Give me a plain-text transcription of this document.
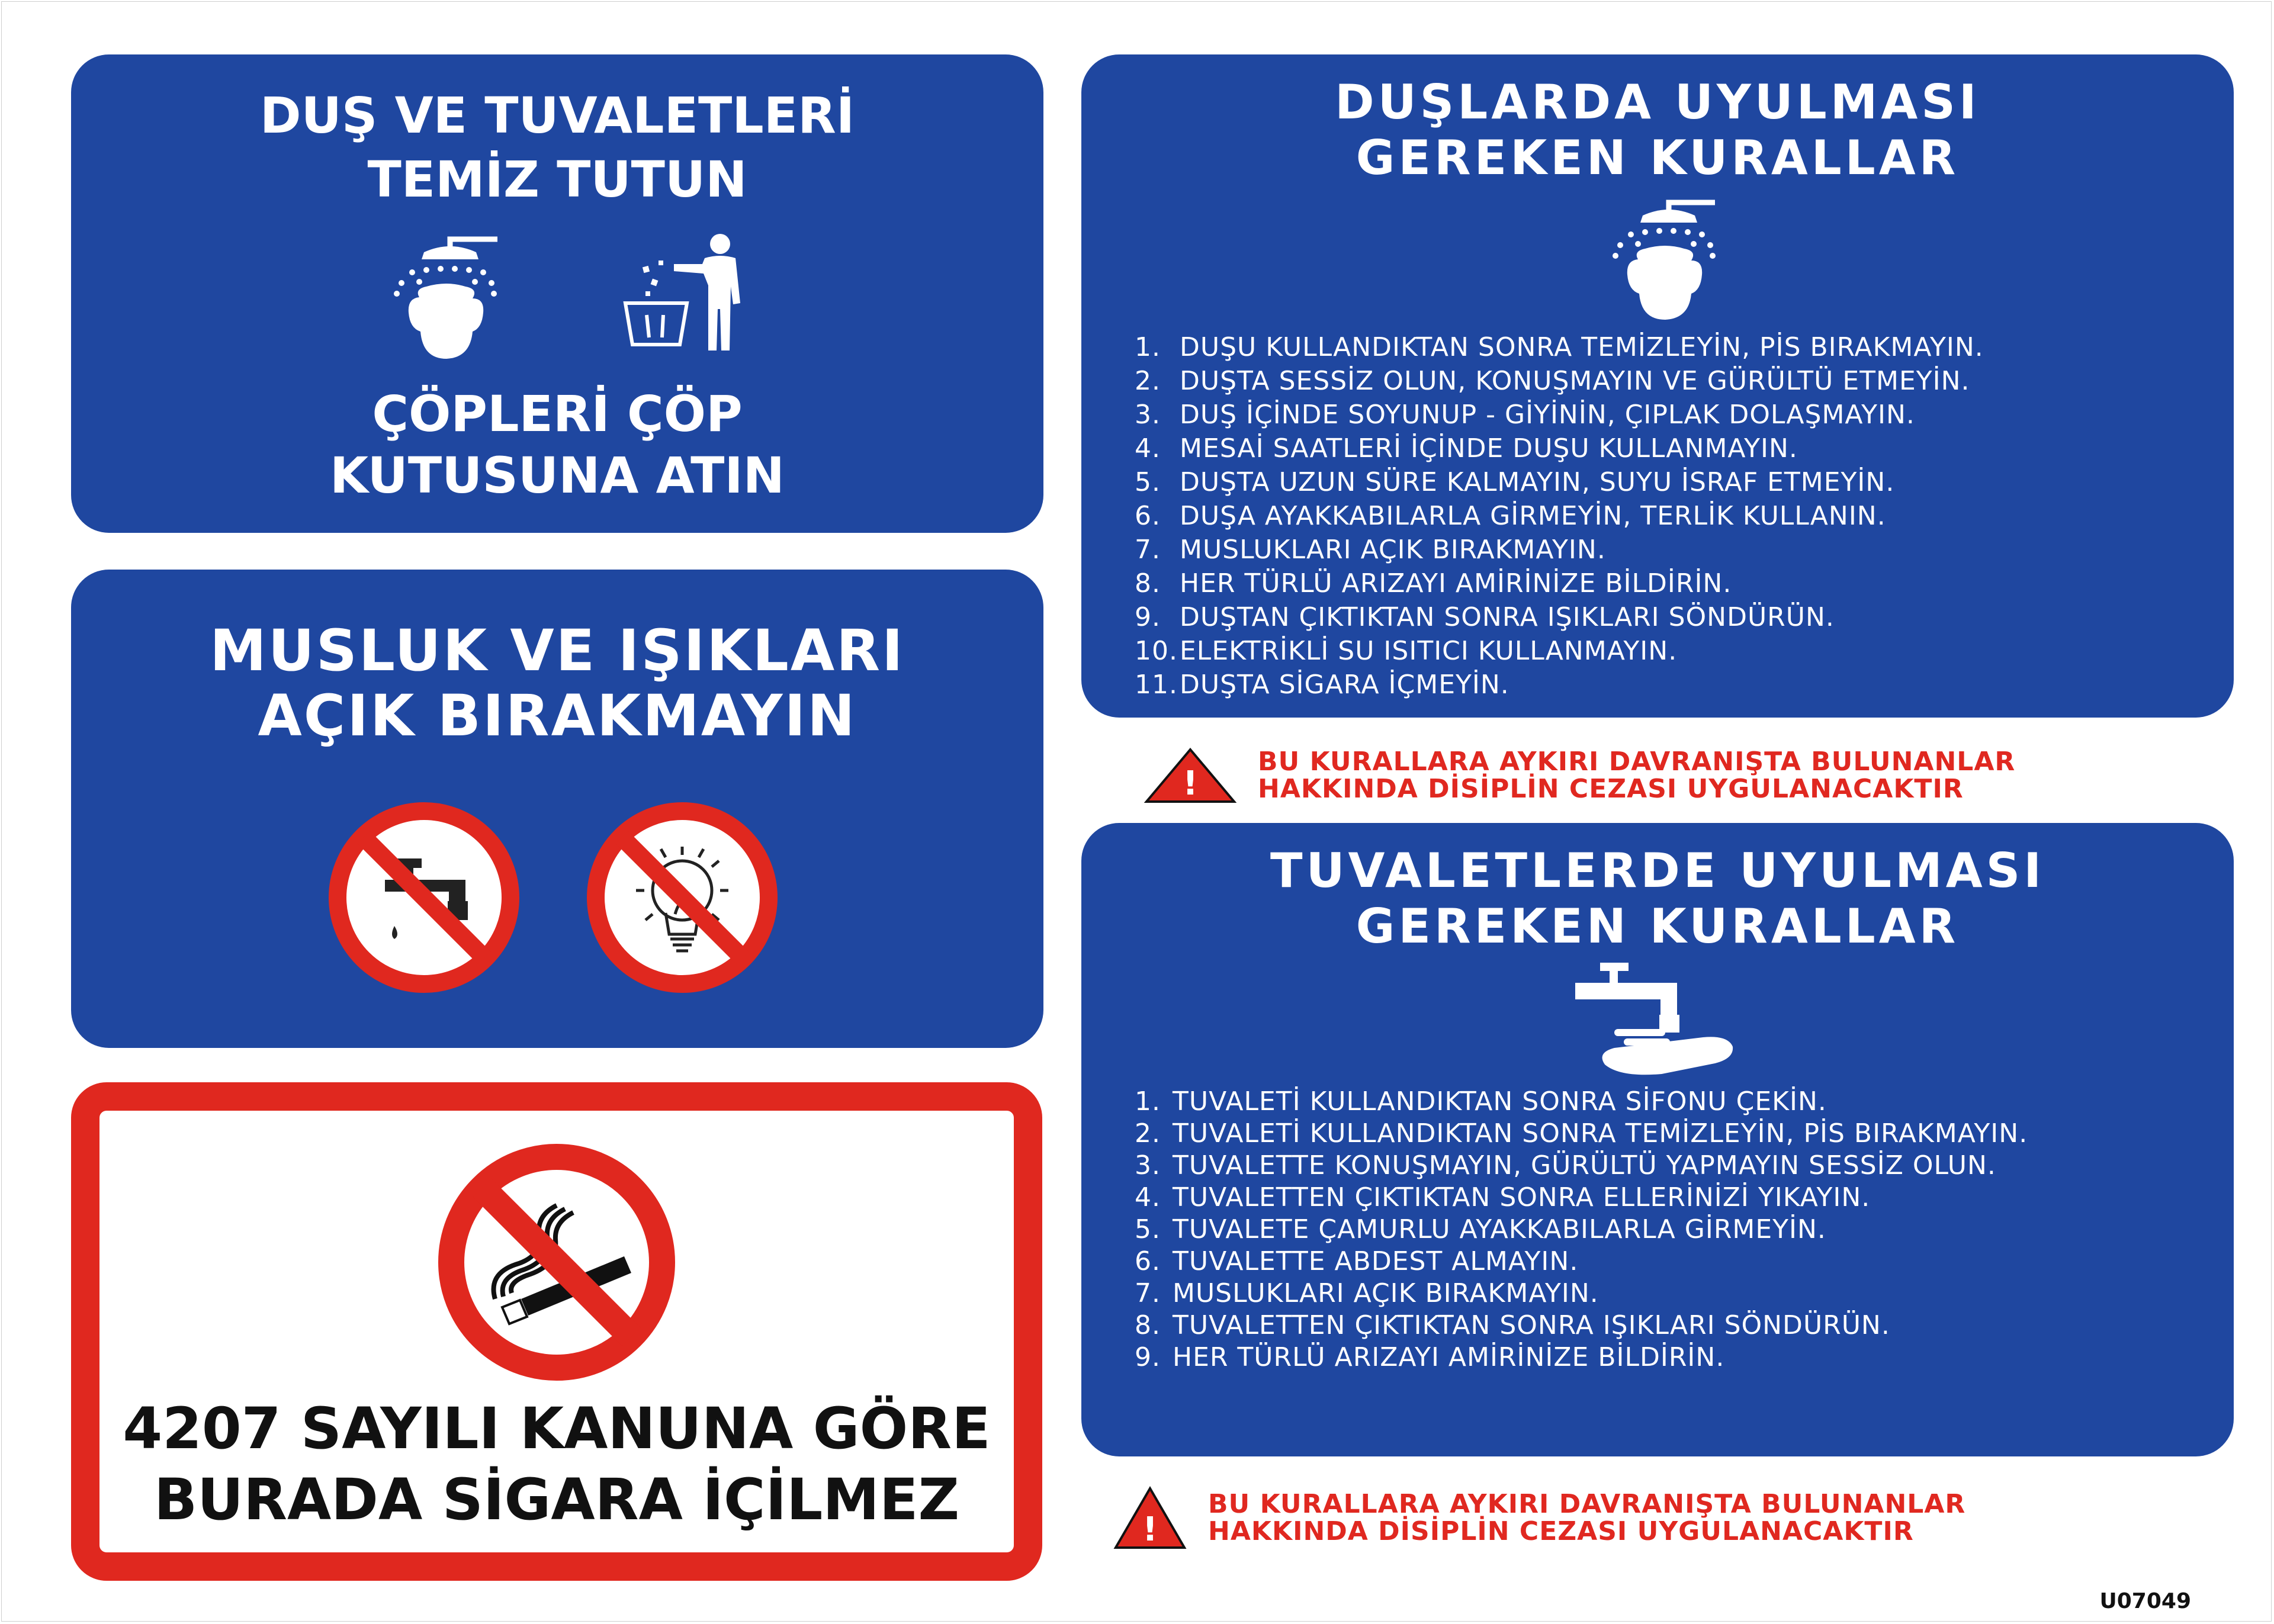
DUŞ VE TUVALETLERİ
TEMİZ TUTUN
ÇÖPLERİ ÇÖP
KUTUSUNA ATIN
MUSLUK VE IŞIKLARI
AÇIK BIRAKMAYIN
4207 SAYILI KANUNA GÖRE
BURADA SİGARA İÇİLMEZ
DUŞLARDA UYULMASI
GEREKEN KURALLAR
1. DUŞU KULLANDIKTAN SONRA TEMİZLEYİN, PİS BIRAKMAYIN.
2. DUŞTA SESSİZ OLUN, KONUŞMAYIN VE GÜRÜLTÜ ETMEYİN.
3. DUŞ İÇİNDE SOYUNUP - GİYİNİN, ÇIPLAK DOLAŞMAYIN.
4. MESAİ SAATLERİ İÇİNDE DUŞU KULLANMAYIN.
5. DUŞTA UZUN SÜRE KALMAYIN, SUYU İSRAF ETMEYİN.
6. DUŞA AYAKKABILARLA GİRMEYİN, TERLİK KULLANIN.
7. MUSLUKLARI AÇIK BIRAKMAYIN.
8. HER TÜRLÜ ARIZAYI AMİRİNİZE BİLDİRİN.
9. DUŞTAN ÇIKTIKTAN SONRA IŞIKLARI SÖNDÜRÜN.
10. ELEKTRİKLİ SU ISITICI KULLANMAYIN.
11. DUŞTA SİGARA İÇMEYİN.
!
BU KURALLARA AYKIRI DAVRANIŞTA BULUNANLAR
HAKKINDA DİSİPLİN CEZASI UYGULANACAKTIR
TUVALETLERDE UYULMASI
GEREKEN KURALLAR
1. TUVALETİ KULLANDIKTAN SONRA SİFONU ÇEKİN.
2. TUVALETİ KULLANDIKTAN SONRA TEMİZLEYİN, PİS BIRAKMAYIN.
3. TUVALETTE KONUŞMAYIN, GÜRÜLTÜ YAPMAYIN SESSİZ OLUN.
4. TUVALETTEN ÇIKTIKTAN SONRA ELLERİNİZİ YIKAYIN.
5. TUVALETE ÇAMURLU AYAKKABILARLA GİRMEYİN.
6. TUVALETTE ABDEST ALMAYIN.
7. MUSLUKLARI AÇIK BIRAKMAYIN.
8. TUVALETTEN ÇIKTIKTAN SONRA IŞIKLARI SÖNDÜRÜN.
9. HER TÜRLÜ ARIZAYI AMİRİNİZE BİLDİRİN.
!
BU KURALLARA AYKIRI DAVRANIŞTA BULUNANLAR
HAKKINDA DİSİPLİN CEZASI UYGULANACAKTIR
U07049
